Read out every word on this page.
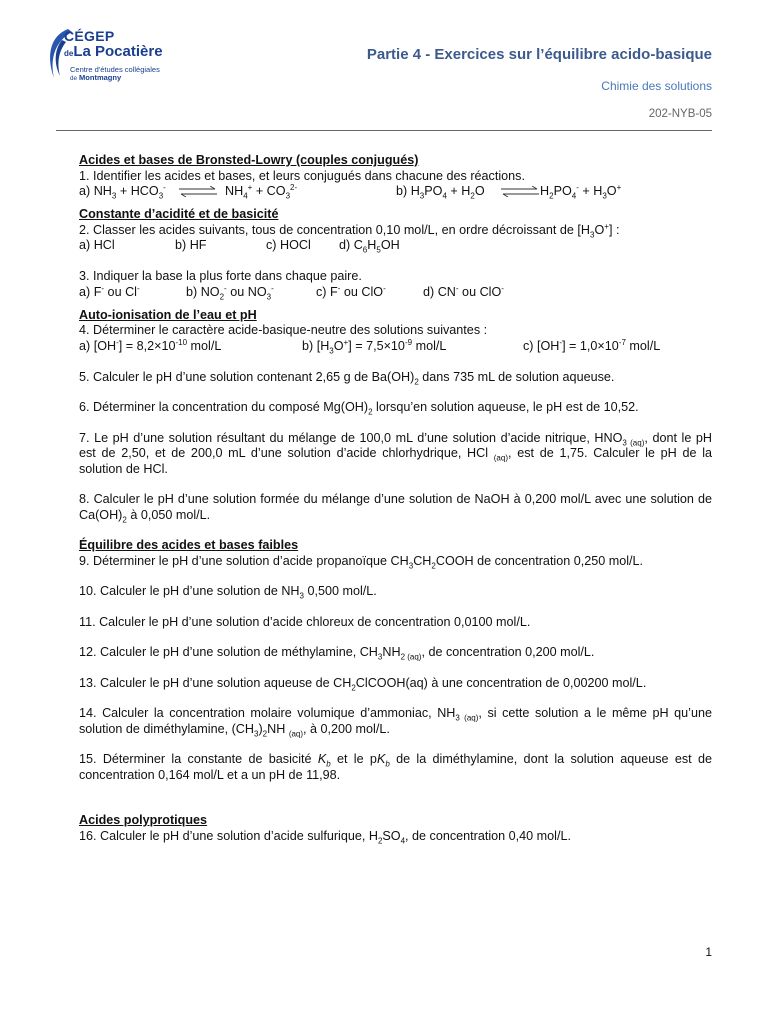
CÉGEP
deLa Pocatière
Centre d'études collégiales
de Montmagny
Partie 4 - Exercices sur l’équilibre acido-basique
Chimie des solutions
202-NYB-05

Acides et bases de Bronsted-Lowry (couples conjugués)

1. Identifier les acides et bases, et leurs conjugués dans chacune des réactions.

a) $NH_3 + HCO_3^-$ ⇌ $NH_4^+ + CO_3^{2-}$	b) $H_3PO_4 + H_2O$ ⇌ $H_2PO_4^- + H_3O^+$

Constante d’acidité et de basicité

2. Classer les acides suivants, tous de concentration 0,10 mol/L, en ordre décroissant de $[H_3O^+]$ :

a) HCl	b) HF	c) HOCl d) $C_6H_5OH$

3. Indiquer la base la plus forte dans chaque paire.

a) F- ou Cl-	b) $NO_2^-$ ou $NO_3^-$	c) F- ou ClO-	d) CN- ou ClO-

Auto-ionisation de l’eau et pH

4. Déterminer le caractère acide-basique-neutre des solutions suivantes :

a) $[OH^-] = 8,2\times 10^{-10}$ mol/L	b) $[H_3O^+] = 7,5\times 10^{-9}$ mol/L	c) $[OH^-] = 1,0\times 10^{-7}$ mol/L

5. Calculer le pH d’une solution contenant 2,65 g de $Ba(OH)_2$ dans 735 mL de solution aqueuse.

6. Déterminer la concentration du composé $Mg(OH)_2$ lorsqu’en solution aqueuse, le pH est de 10,52.

7. Le pH d’une solution résultant du mélange de 100,0 mL d’une solution d’acide nitrique, $HNO_{3 (aq)}$, dont le pH est de 2,50, et de 200,0 mL d’une solution d’acide chlorhydrique, HCl $_{(aq)}$, est de 1,75. Calculer le pH de la solution de HCl.

8. Calculer le pH d’une solution formée du mélange d’une solution de NaOH à 0,200 mol/L avec une solution de $Ca(OH)_2$ à 0,050 mol/L.

Équilibre des acides et bases faibles

9. Déterminer le pH d’une solution d’acide propanoïque $CH_3CH_2COOH$ de concentration 0,250 mol/L.

10. Calculer le pH d’une solution de $NH_3$ 0,500 mol/L.

11. Calculer le pH d’une solution d’acide chloreux de concentration 0,0100 mol/L.

12. Calculer le pH d’une solution de méthylamine, $CH_3NH_{2 (aq)}$, de concentration 0,200 mol/L.

13. Calculer le pH d’une solution aqueuse de $CH_2ClCOOH(aq)$ à une concentration de 0,00200 mol/L.

14. Calculer la concentration molaire volumique d’ammoniac, $NH_{3 (aq)}$, si cette solution a le même pH qu’une solution de diméthylamine, $(CH_3)_2NH$ $_{(aq)}$, à 0,200 mol/L.

15. Déterminer la constante de basicité $K_b$ et le $pK_b$ de la diméthylamine, dont la solution aqueuse est de concentration 0,164 mol/L et a un pH de 11,98.

Acides polyprotiques

16. Calculer le pH d’une solution d’acide sulfurique, $H_2SO_4$, de concentration 0,40 mol/L.

1
